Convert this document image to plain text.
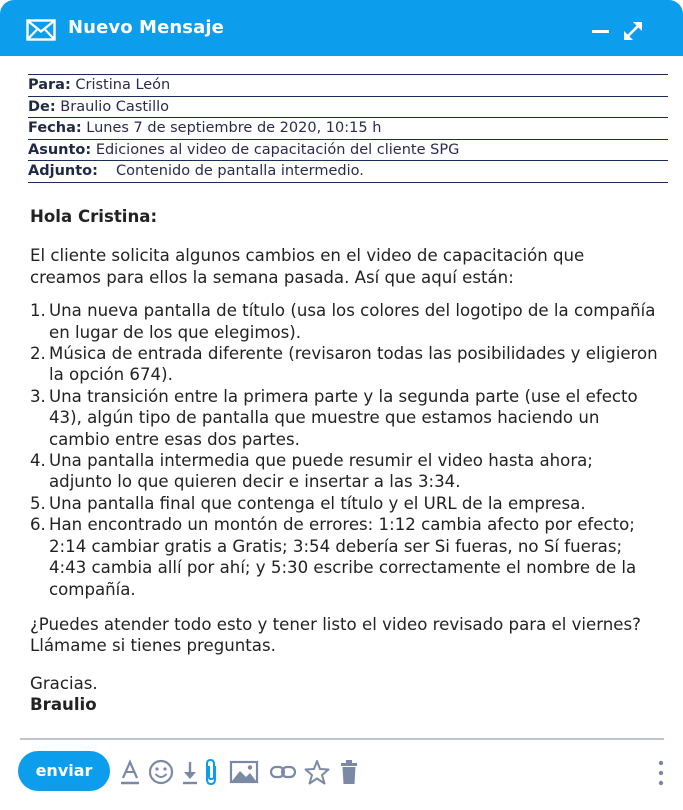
Nuevo Mensaje
Para: Cristina León
De: Braulio Castillo
Fecha: Lunes 7 de septiembre de 2020, 10:15 h
Asunto: Ediciones al video de capacitación del cliente SPG
Adjunto: Contenido de pantalla intermedio.

Hola Cristina:

El cliente solicita algunos cambios en el video de capacitación que creamos para ellos la semana pasada. Así que aquí están:

1. Una nueva pantalla de título (usa los colores del logotipo de la compañía en lugar de los que elegimos).
2. Música de entrada diferente (revisaron todas las posibilidades y eligieron la opción 674).
3. Una transición entre la primera parte y la segunda parte (use el efecto 43), algún tipo de pantalla que muestre que estamos haciendo un cambio entre esas dos partes.
4. Una pantalla intermedia que puede resumir el video hasta ahora; adjunto lo que quieren decir e insertar a las 3:34.
5. Una pantalla final que contenga el título y el URL de la empresa.
6. Han encontrado un montón de errores: 1:12 cambia afecto por efecto; 2:14 cambiar gratis a Gratis; 3:54 debería ser Si fueras, no Sí fueras; 4:43 cambia allí por ahí; y 5:30 escribe correctamente el nombre de la compañía.

¿Puedes atender todo esto y tener listo el video revisado para el viernes? Llámame si tienes preguntas.

Gracias.

Braulio

enviar
